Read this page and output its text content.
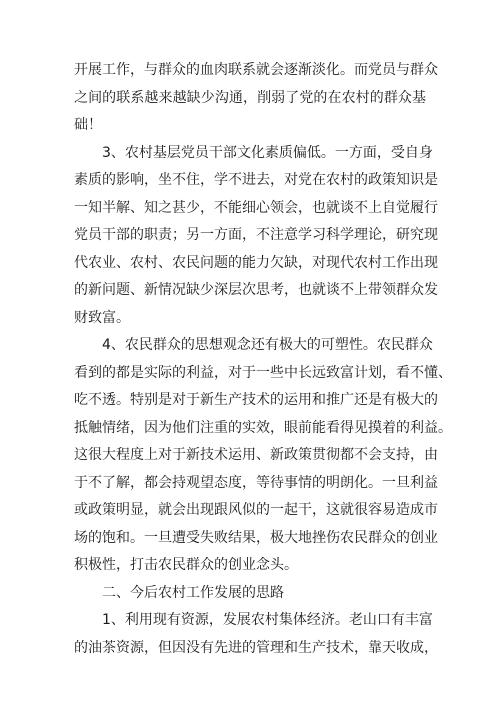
开展工作，与群众的血肉联系就会逐渐淡化。而党员与群众
之间的联系越来越缺少沟通，削弱了党的在农村的群众基
础！

3、农村基层党员干部文化素质偏低。一方面，受自身
素质的影响，坐不住，学不进去，对党在农村的政策知识是
一知半解、知之甚少，不能细心领会，也就谈不上自觉履行
党员干部的职责；另一方面，不注意学习科学理论，研究现
代农业、农村、农民问题的能力欠缺，对现代农村工作出现
的新问题、新情况缺少深层次思考，也就谈不上带领群众发
财致富。

4、农民群众的思想观念还有极大的可塑性。农民群众
看到的都是实际的利益，对于一些中长远致富计划，看不懂、
吃不透。特别是对于新生产技术的运用和推广还是有极大的
抵触情绪，因为他们注重的实效，眼前能看得见摸着的利益。
这很大程度上对于新技术运用、新政策贯彻都不会支持，由
于不了解，都会持观望态度，等待事情的明朗化。一旦利益
或政策明显，就会出现跟风似的一起干，这就很容易造成市
场的饱和。一旦遭受失败结果，极大地挫伤农民群众的创业
积极性，打击农民群众的创业念头。

二、今后农村工作发展的思路

1、利用现有资源，发展农村集体经济。老山口有丰富
的油茶资源，但因没有先进的管理和生产技术，靠天收成，
